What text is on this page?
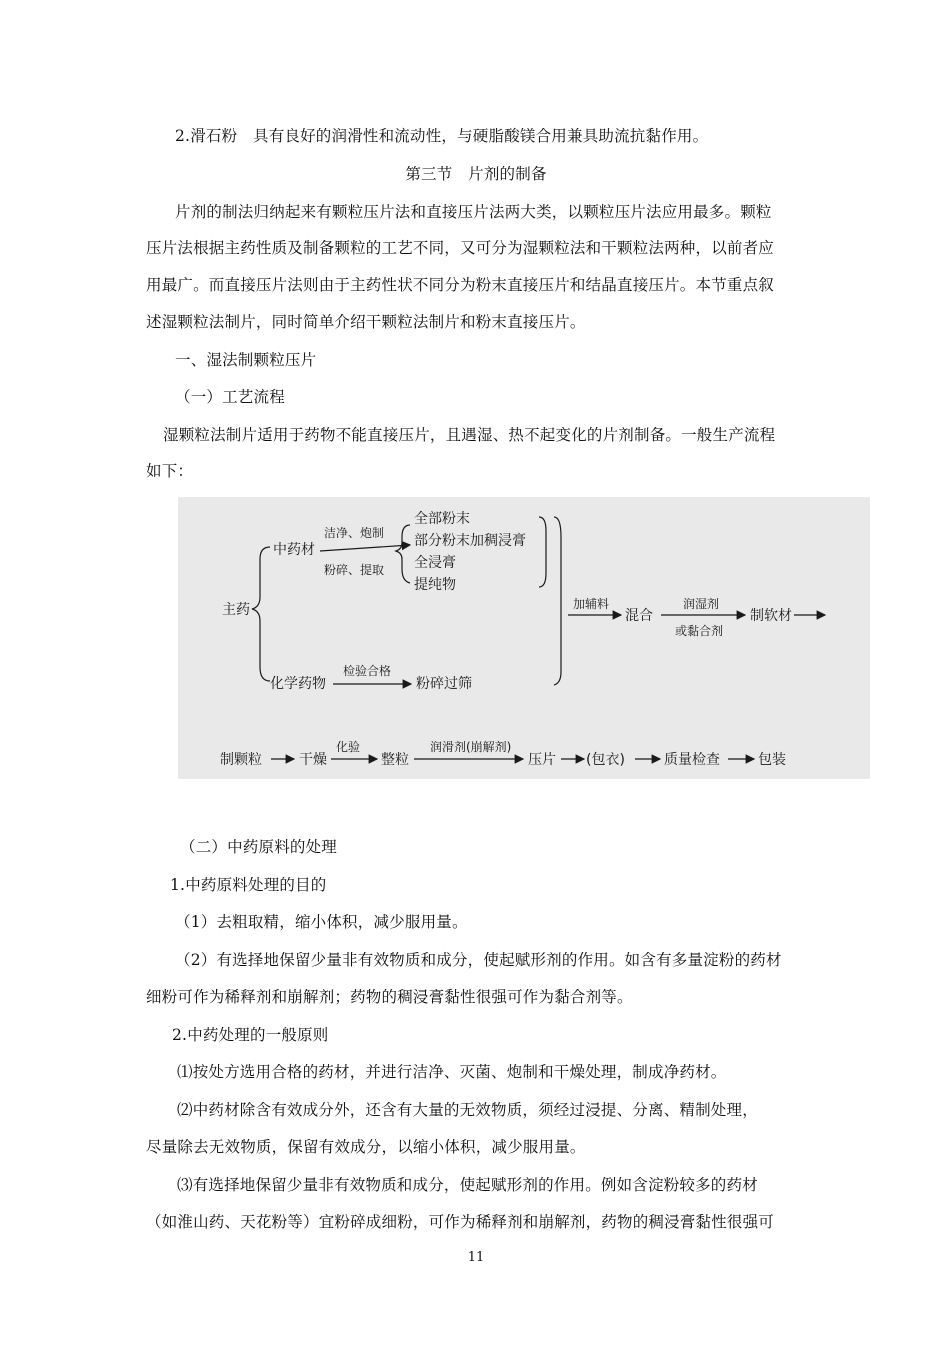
2.滑石粉　具有良好的润滑性和流动性，与硬脂酸镁合用兼具助流抗黏作用。
第三节　片剂的制备
片剂的制法归纳起来有颗粒压片法和直接压片法两大类，以颗粒压片法应用最多。颗粒
压片法根据主药性质及制备颗粒的工艺不同，又可分为湿颗粒法和干颗粒法两种，以前者应
用最广。而直接压片法则由于主药性状不同分为粉末直接压片和结晶直接压片。本节重点叙
述湿颗粒法制片，同时简单介绍干颗粒法制片和粉末直接压片。
一、湿法制颗粒压片
（一）工艺流程
湿颗粒法制片适用于药物不能直接压片，且遇湿、热不起变化的片剂制备。一般生产流程
如下：
主药
中药材
化学药物
洁净、炮制
粉碎、提取
全部粉末
部分粉末加稠浸膏
全浸膏
提纯物
检验合格
粉碎过筛
加辅料
混合
润湿剂
或黏合剂
制软材
制颗粒	干燥
化验
整粒
润滑剂(崩解剂)
压片 (包衣)	质量检查	包装
（二）中药原料的处理
1.中药原料处理的目的
（1）去粗取精，缩小体积，减少服用量。
（2）有选择地保留少量非有效物质和成分，使起赋形剂的作用。如含有多量淀粉的药材
细粉可作为稀释剂和崩解剂；药物的稠浸膏黏性很强可作为黏合剂等。
2.中药处理的一般原则
⑴按处方选用合格的药材，并进行洁净、灭菌、炮制和干燥处理，制成净药材。
⑵中药材除含有效成分外，还含有大量的无效物质，须经过浸提、分离、精制处理，
尽量除去无效物质，保留有效成分，以缩小体积，减少服用量。
⑶有选择地保留少量非有效物质和成分，使起赋形剂的作用。例如含淀粉较多的药材
（如淮山药、天花粉等）宜粉碎成细粉，可作为稀释剂和崩解剂，药物的稠浸膏黏性很强可
11
